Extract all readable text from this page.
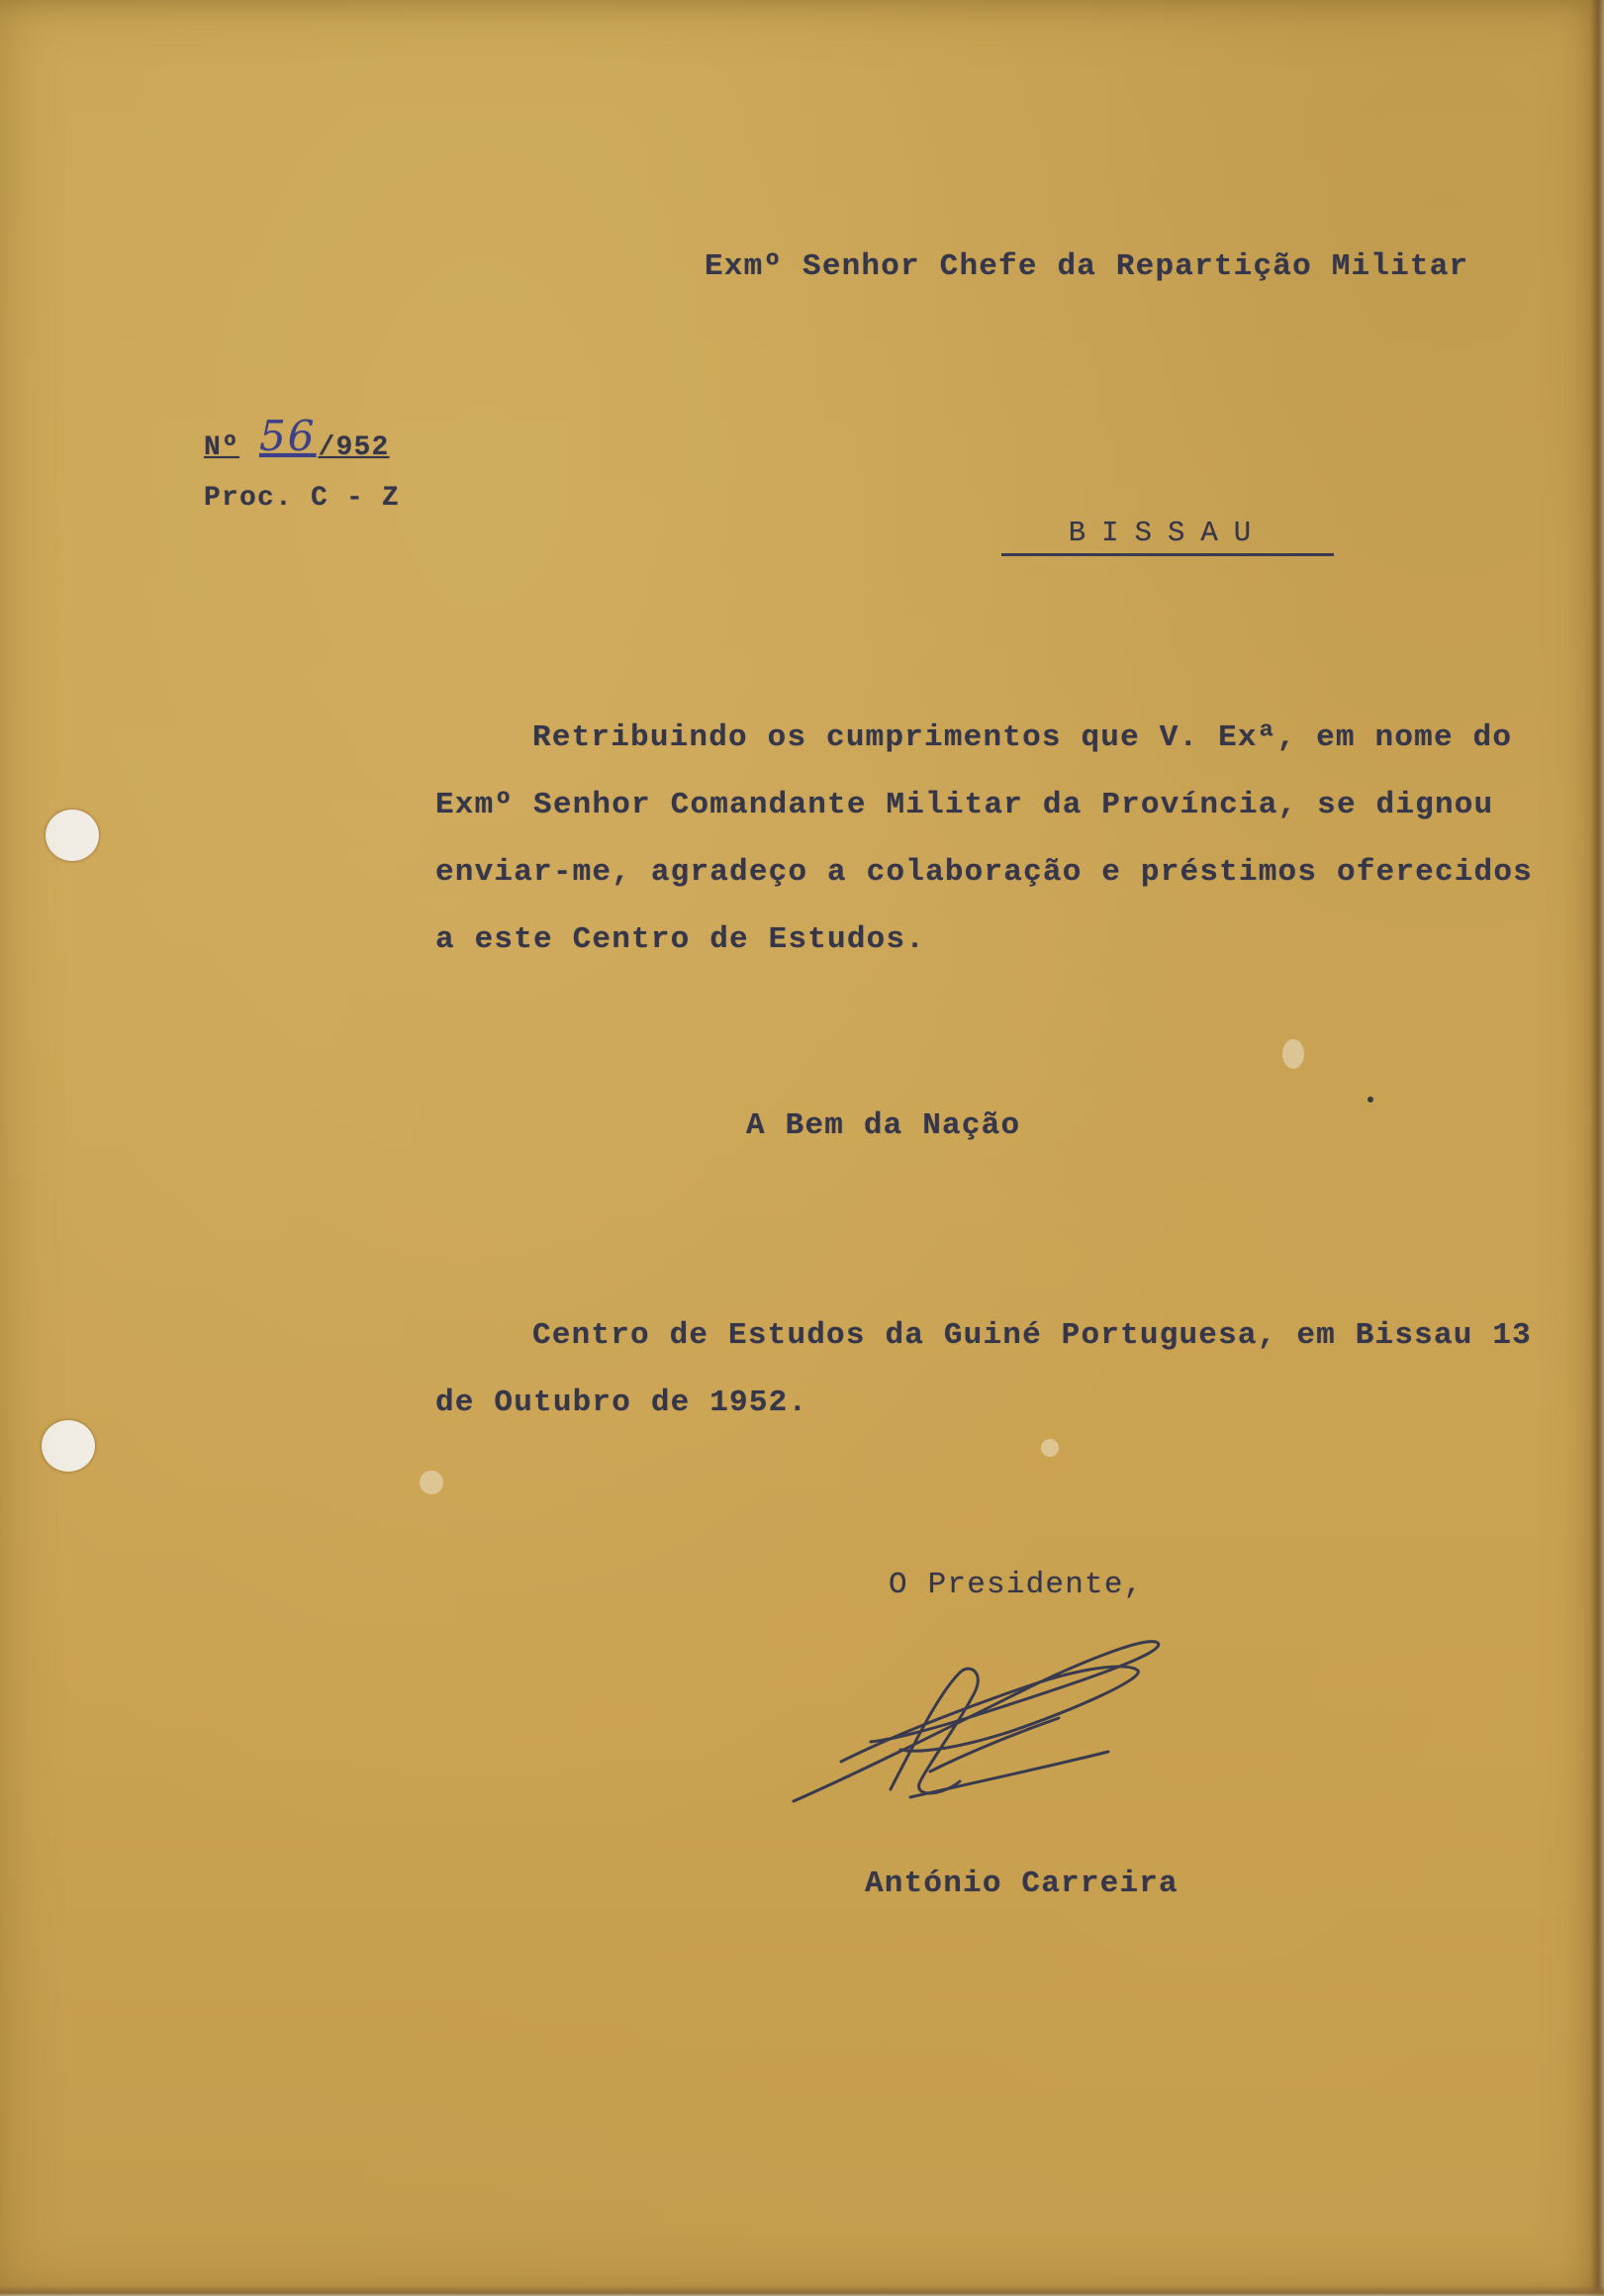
Exmº Senhor Chefe da Repartição Militar
Nº 56/952
Proc. C - Z
BISSAU
Retribuindo os cumprimentos que V. Exª, em nome do
Exmº Senhor Comandante Militar da Província, se dignou
enviar-me, agradeço a colaboração e préstimos oferecidos
a este Centro de Estudos.
A Bem da Nação
Centro de Estudos da Guiné Portuguesa, em Bissau 13
de Outubro de 1952.
O Presidente,
António Carreira
